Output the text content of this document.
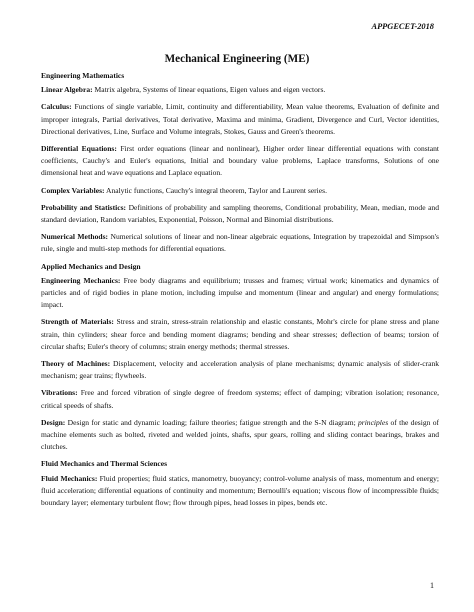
APPGECET-2018
Mechanical Engineering (ME)
Engineering Mathematics

Linear Algebra: Matrix algebra, Systems of linear equations, Eigen values and eigen vectors.

Calculus: Functions of single variable, Limit, continuity and differentiability, Mean value theorems, Evaluation of definite and improper integrals, Partial derivatives, Total derivative, Maxima and minima, Gradient, Divergence and Curl, Vector identities, Directional derivatives, Line, Surface and Volume integrals, Stokes, Gauss and Green's theorems.

Differential Equations: First order equations (linear and nonlinear), Higher order linear differential equations with constant coefficients, Cauchy's and Euler's equations, Initial and boundary value problems, Laplace transforms, Solutions of one dimensional heat and wave equations and Laplace equation.

Complex Variables: Analytic functions, Cauchy's integral theorem, Taylor and Laurent series.

Probability and Statistics: Definitions of probability and sampling theorems, Conditional probability, Mean, median, mode and standard deviation, Random variables, Exponential, Poisson, Normal and Binomial distributions.

Numerical Methods: Numerical solutions of linear and non-linear algebraic equations, Integration by trapezoidal and Simpson's rule, single and multi-step methods for differential equations.

Applied Mechanics and Design

Engineering Mechanics: Free body diagrams and equilibrium; trusses and frames; virtual work; kinematics and dynamics of particles and of rigid bodies in plane motion, including impulse and momentum (linear and angular) and energy formulations; impact.

Strength of Materials: Stress and strain, stress-strain relationship and elastic constants, Mohr's circle for plane stress and plane strain, thin cylinders; shear force and bending moment diagrams; bending and shear stresses; deflection of beams; torsion of circular shafts; Euler's theory of columns; strain energy methods; thermal stresses.

Theory of Machines: Displacement, velocity and acceleration analysis of plane mechanisms; dynamic analysis of slider-crank mechanism; gear trains; flywheels.

Vibrations: Free and forced vibration of single degree of freedom systems; effect of damping; vibration isolation; resonance, critical speeds of shafts.

Design: Design for static and dynamic loading; failure theories; fatigue strength and the S-N diagram; principles of the design of machine elements such as bolted, riveted and welded joints, shafts, spur gears, rolling and sliding contact bearings, brakes and clutches.

Fluid Mechanics and Thermal Sciences

Fluid Mechanics: Fluid properties; fluid statics, manometry, buoyancy; control-volume analysis of mass, momentum and energy; fluid acceleration; differential equations of continuity and momentum; Bernoulli's equation; viscous flow of incompressible fluids; boundary layer; elementary turbulent flow; flow through pipes, head losses in pipes, bends etc.

1
